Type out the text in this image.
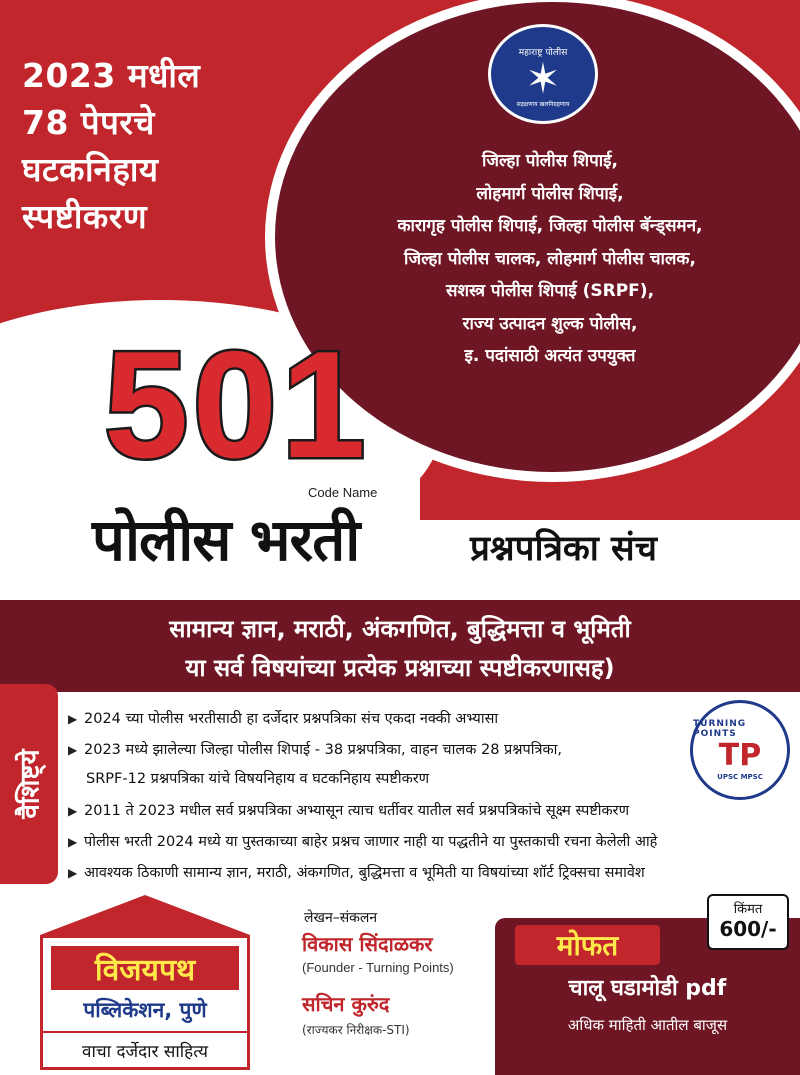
2023 मधील
78 पेपरचे
घटकनिहाय
स्पष्टीकरण
महाराष्ट्र पोलीस
✶
सद्रक्षणाय खलनिग्रहणाय
जिल्हा पोलीस शिपाई,
लोहमार्ग पोलीस शिपाई,
कारागृह पोलीस शिपाई, जिल्हा पोलीस बॅन्ड्समन,
जिल्हा पोलीस चालक, लोहमार्ग पोलीस चालक,
सशस्त्र पोलीस शिपाई (SRPF),
राज्य उत्पादन शुल्क पोलीस,
इ. पदांसाठी अत्यंत उपयुक्त
501
Code Name
पोलीस भरती	प्रश्नपत्रिका संच
सामान्य ज्ञान, मराठी, अंकगणित, बुद्धिमत्ता व भूमिती
या सर्व विषयांच्या प्रत्येक प्रश्नाच्या स्पष्टीकरणासह)
वैशिष्ट्ये
▶ 2024 च्या पोलीस भरतीसाठी हा दर्जेदार प्रश्नपत्रिका संच एकदा नक्की अभ्यासा
▶ 2023 मध्ये झालेल्या जिल्हा पोलीस शिपाई - 38 प्रश्नपत्रिका, वाहन चालक 28 प्रश्नपत्रिका,
SRPF-12 प्रश्नपत्रिका यांचे विषयनिहाय व घटकनिहाय स्पष्टीकरण
▶ 2011 ते 2023 मधील सर्व प्रश्नपत्रिका अभ्यासून त्याच धर्तीवर यातील सर्व प्रश्नपत्रिकांचे सूक्ष्म स्पष्टीकरण
▶ पोलीस भरती 2024 मध्ये या पुस्तकाच्या बाहेर प्रश्नच जाणार नाही या पद्धतीने या पुस्तकाची रचना केलेली आहे
▶ आवश्यक ठिकाणी सामान्य ज्ञान, मराठी, अंकगणित, बुद्धिमत्ता व भूमिती या विषयांच्या शॉर्ट ट्रिक्सचा समावेश
TURNING POINTS
TP
UPSC MPSC
विजयपथ
पब्लिकेशन, पुणे
वाचा दर्जेदार साहित्य
लेखन–संकलन
विकास सिंदाळकर
(Founder - Turning Points)
सचिन कुरुंद
(राज्यकर निरीक्षक-STI)
मोफत
चालू घडामोडी pdf
अधिक माहिती आतील बाजूस
किंमत
600/-
